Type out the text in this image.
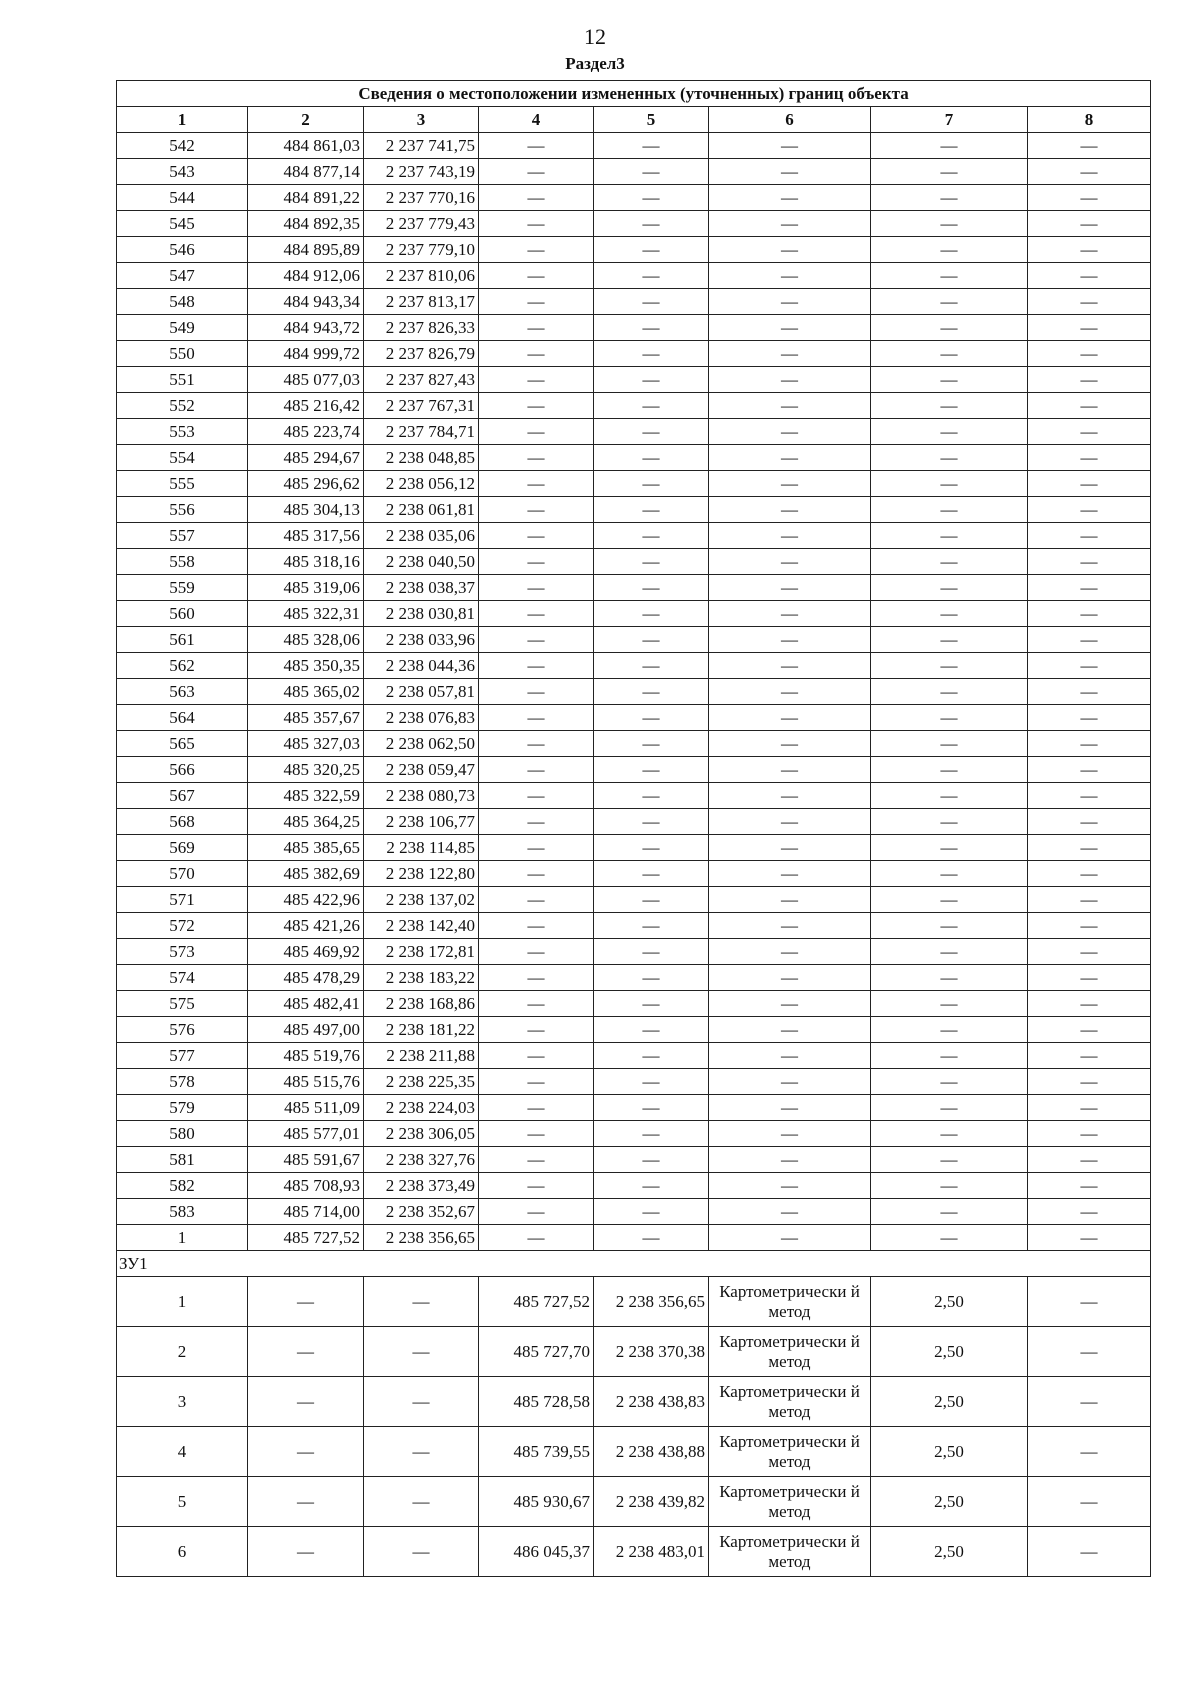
12
Раздел3
Сведения о местоположении измененных (уточненных) границ объекта							
1	2	3	4	5	6	7	8
542	484 861,03	2 237 741,75	—	—	—	—	—
543	484 877,14	2 237 743,19	—	—	—	—	—
544	484 891,22	2 237 770,16	—	—	—	—	—
545	484 892,35	2 237 779,43	—	—	—	—	—
546	484 895,89	2 237 779,10	—	—	—	—	—
547	484 912,06	2 237 810,06	—	—	—	—	—
548	484 943,34	2 237 813,17	—	—	—	—	—
549	484 943,72	2 237 826,33	—	—	—	—	—
550	484 999,72	2 237 826,79	—	—	—	—	—
551	485 077,03	2 237 827,43	—	—	—	—	—
552	485 216,42	2 237 767,31	—	—	—	—	—
553	485 223,74	2 237 784,71	—	—	—	—	—
554	485 294,67	2 238 048,85	—	—	—	—	—
555	485 296,62	2 238 056,12	—	—	—	—	—
556	485 304,13	2 238 061,81	—	—	—	—	—
557	485 317,56	2 238 035,06	—	—	—	—	—
558	485 318,16	2 238 040,50	—	—	—	—	—
559	485 319,06	2 238 038,37	—	—	—	—	—
560	485 322,31	2 238 030,81	—	—	—	—	—
561	485 328,06	2 238 033,96	—	—	—	—	—
562	485 350,35	2 238 044,36	—	—	—	—	—
563	485 365,02	2 238 057,81	—	—	—	—	—
564	485 357,67	2 238 076,83	—	—	—	—	—
565	485 327,03	2 238 062,50	—	—	—	—	—
566	485 320,25	2 238 059,47	—	—	—	—	—
567	485 322,59	2 238 080,73	—	—	—	—	—
568	485 364,25	2 238 106,77	—	—	—	—	—
569	485 385,65	2 238 114,85	—	—	—	—	—
570	485 382,69	2 238 122,80	—	—	—	—	—
571	485 422,96	2 238 137,02	—	—	—	—	—
572	485 421,26	2 238 142,40	—	—	—	—	—
573	485 469,92	2 238 172,81	—	—	—	—	—
574	485 478,29	2 238 183,22	—	—	—	—	—
575	485 482,41	2 238 168,86	—	—	—	—	—
576	485 497,00	2 238 181,22	—	—	—	—	—
577	485 519,76	2 238 211,88	—	—	—	—	—
578	485 515,76	2 238 225,35	—	—	—	—	—
579	485 511,09	2 238 224,03	—	—	—	—	—
580	485 577,01	2 238 306,05	—	—	—	—	—
581	485 591,67	2 238 327,76	—	—	—	—	—
582	485 708,93	2 238 373,49	—	—	—	—	—
583	485 714,00	2 238 352,67	—	—	—	—	—
1	485 727,52	2 238 356,65	—	—	—	—	—
ЗУ1							
1	—	—	485 727,52	2 238 356,65	Картометрически й метод	2,50	—
2	—	—	485 727,70	2 238 370,38	Картометрически й метод	2,50	—
3	—	—	485 728,58	2 238 438,83	Картометрически й метод	2,50	—
4	—	—	485 739,55	2 238 438,88	Картометрически й метод	2,50	—
5	—	—	485 930,67	2 238 439,82	Картометрически й метод	2,50	—
6	—	—	486 045,37	2 238 483,01	Картометрически й метод	2,50	—
